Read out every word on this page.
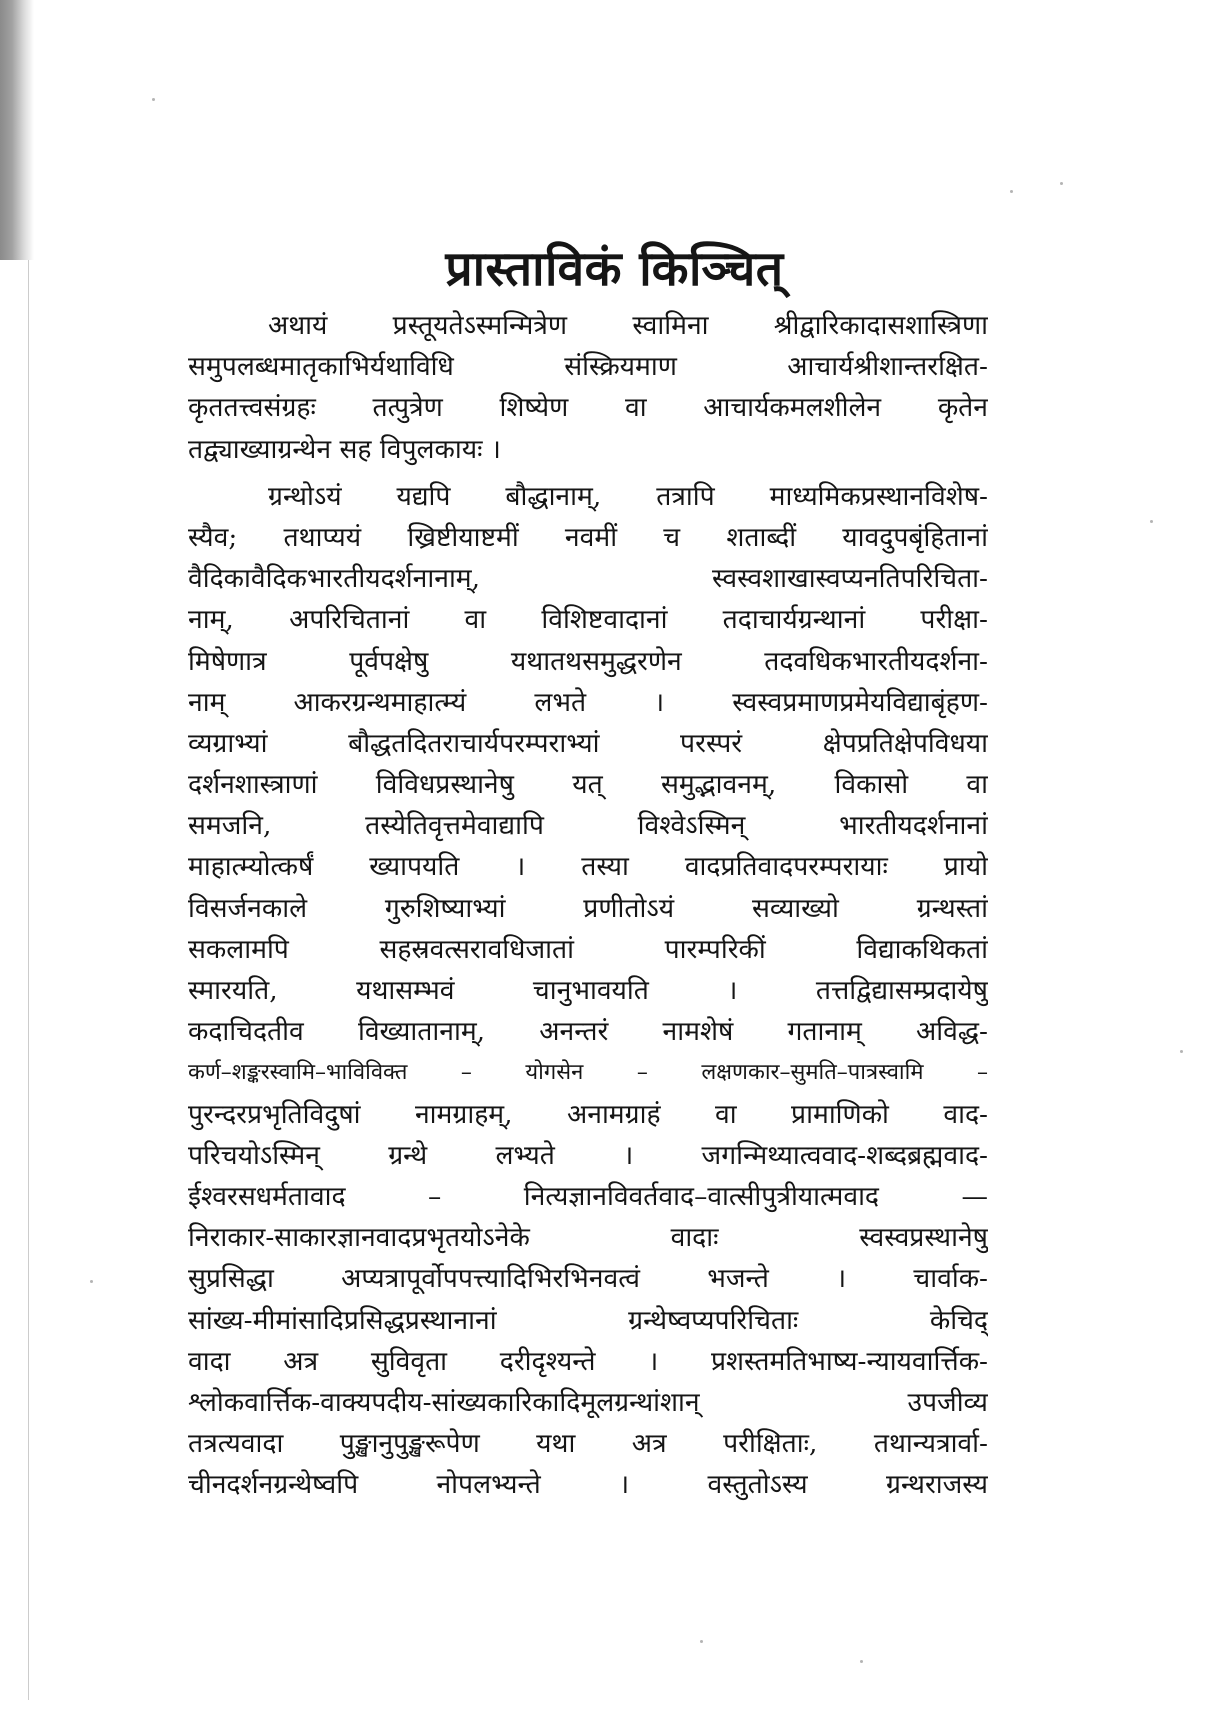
प्रास्ताविकं किञ्चित्
अथायं प्रस्तूयतेऽस्मन्मित्रेण स्वामिना श्रीद्वारिकादासशास्त्रिणा
समुपलब्धमातृकाभिर्यथाविधि संस्क्रियमाण आचार्यश्रीशान्तरक्षित-
कृततत्त्वसंग्रहः तत्पुत्रेण शिष्येण वा आचार्यकमलशीलेन कृतेन
तद्व्याख्याग्रन्थेन सह विपुलकायः ।
ग्रन्थोऽयं यद्यपि बौद्धानाम्, तत्रापि माध्यमिकप्रस्थानविशेष-
स्यैव; तथाप्ययं ख्रिष्टीयाष्टमीं नवमीं च शताब्दीं यावदुपबृंहितानां
वैदिकावैदिकभारतीयदर्शनानाम्, स्वस्वशाखास्वप्यनतिपरिचिता-
नाम्, अपरिचितानां वा विशिष्टवादानां तदाचार्यग्रन्थानां परीक्षा-
मिषेणात्र पूर्वपक्षेषु यथातथसमुद्धरणेन तदवधिकभारतीयदर्शना-
नाम् आकरग्रन्थमाहात्म्यं लभते । स्वस्वप्रमाणप्रमेयविद्याबृंहण-
व्यग्राभ्यां बौद्धतदितराचार्यपरम्पराभ्यां परस्परं क्षेपप्रतिक्षेपविधया
दर्शनशास्त्राणां विविधप्रस्थानेषु यत् समुद्भावनम्, विकासो वा
समजनि, तस्येतिवृत्तमेवाद्यापि विश्वेऽस्मिन् भारतीयदर्शनानां
माहात्म्योत्कर्षं ख्यापयति । तस्या वादप्रतिवादपरम्परायाः प्रायो
विसर्जनकाले गुरुशिष्याभ्यां प्रणीतोऽयं सव्याख्यो ग्रन्थस्तां
सकलामपि सहस्रवत्सरावधिजातां पारम्परिकीं विद्याकथिकतां
स्मारयति, यथासम्भवं चानुभावयति । तत्तद्विद्यासम्प्रदायेषु
कदाचिदतीव विख्यातानाम्, अनन्तरं नामशेषं गतानाम् अविद्ध-
कर्ण–शङ्करस्वामि–भाविविक्त – योगसेन – लक्षणकार–सुमति–पात्रस्वामि –
पुरन्दरप्रभृतिविदुषां नामग्राहम्, अनामग्राहं वा प्रामाणिको वाद-
परिचयोऽस्मिन् ग्रन्थे लभ्यते । जगन्मिथ्यात्ववाद-शब्दब्रह्मवाद-
ईश्वरसधर्मतावाद – नित्यज्ञानविवर्तवाद–वात्सीपुत्रीयात्मवाद —
निराकार-साकारज्ञानवादप्रभृतयोऽनेके वादाः स्वस्वप्रस्थानेषु
सुप्रसिद्धा अप्यत्रापूर्वोपपत्त्यादिभिरभिनवत्वं भजन्ते । चार्वाक-
सांख्य-मीमांसादिप्रसिद्धप्रस्थानानां ग्रन्थेष्वप्यपरिचिताः केचिद्
वादा अत्र सुविवृता दरीदृश्यन्ते । प्रशस्तमतिभाष्य-न्यायवार्त्तिक-
श्लोकवार्त्तिक-वाक्यपदीय-सांख्यकारिकादिमूलग्रन्थांशान् उपजीव्य
तत्रत्यवादा पुङ्खानुपुङ्खरूपेण यथा अत्र परीक्षिताः, तथान्यत्रार्वा-
चीनदर्शनग्रन्थेष्वपि नोपलभ्यन्ते । वस्तुतोऽस्य ग्रन्थराजस्य
